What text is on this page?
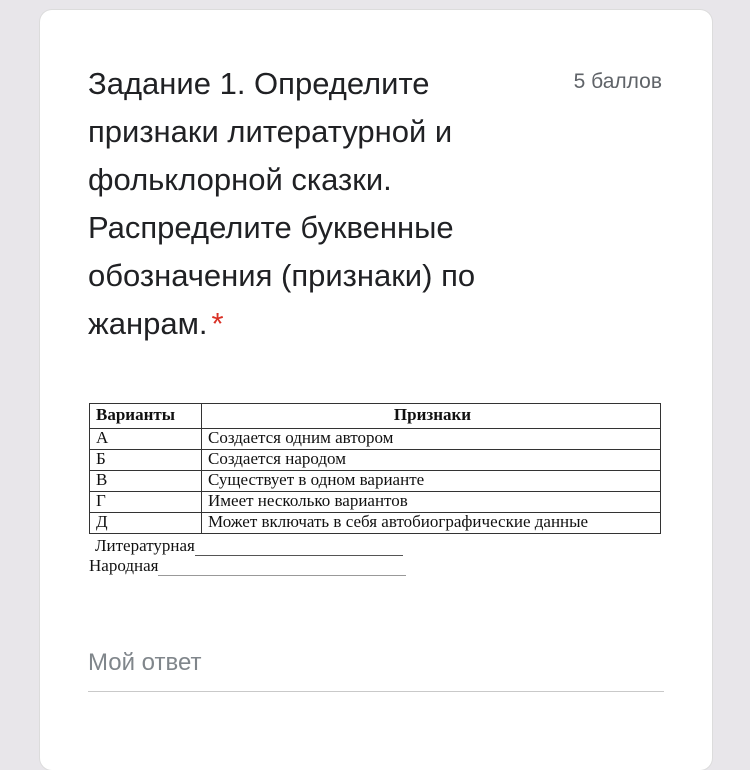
Задание 1. Определите признаки литературной и фольклорной сказки. Распределите буквенные обозначения (признаки) по жанрам. *
5 баллов
Варианты	Признаки
А	Создается одним автором
Б	Создается народом
В	Существует в одном варианте
Г	Имеет несколько вариантов
Д	Может включать в себя автобиографические данные
Литературная
Народная
Мой ответ
